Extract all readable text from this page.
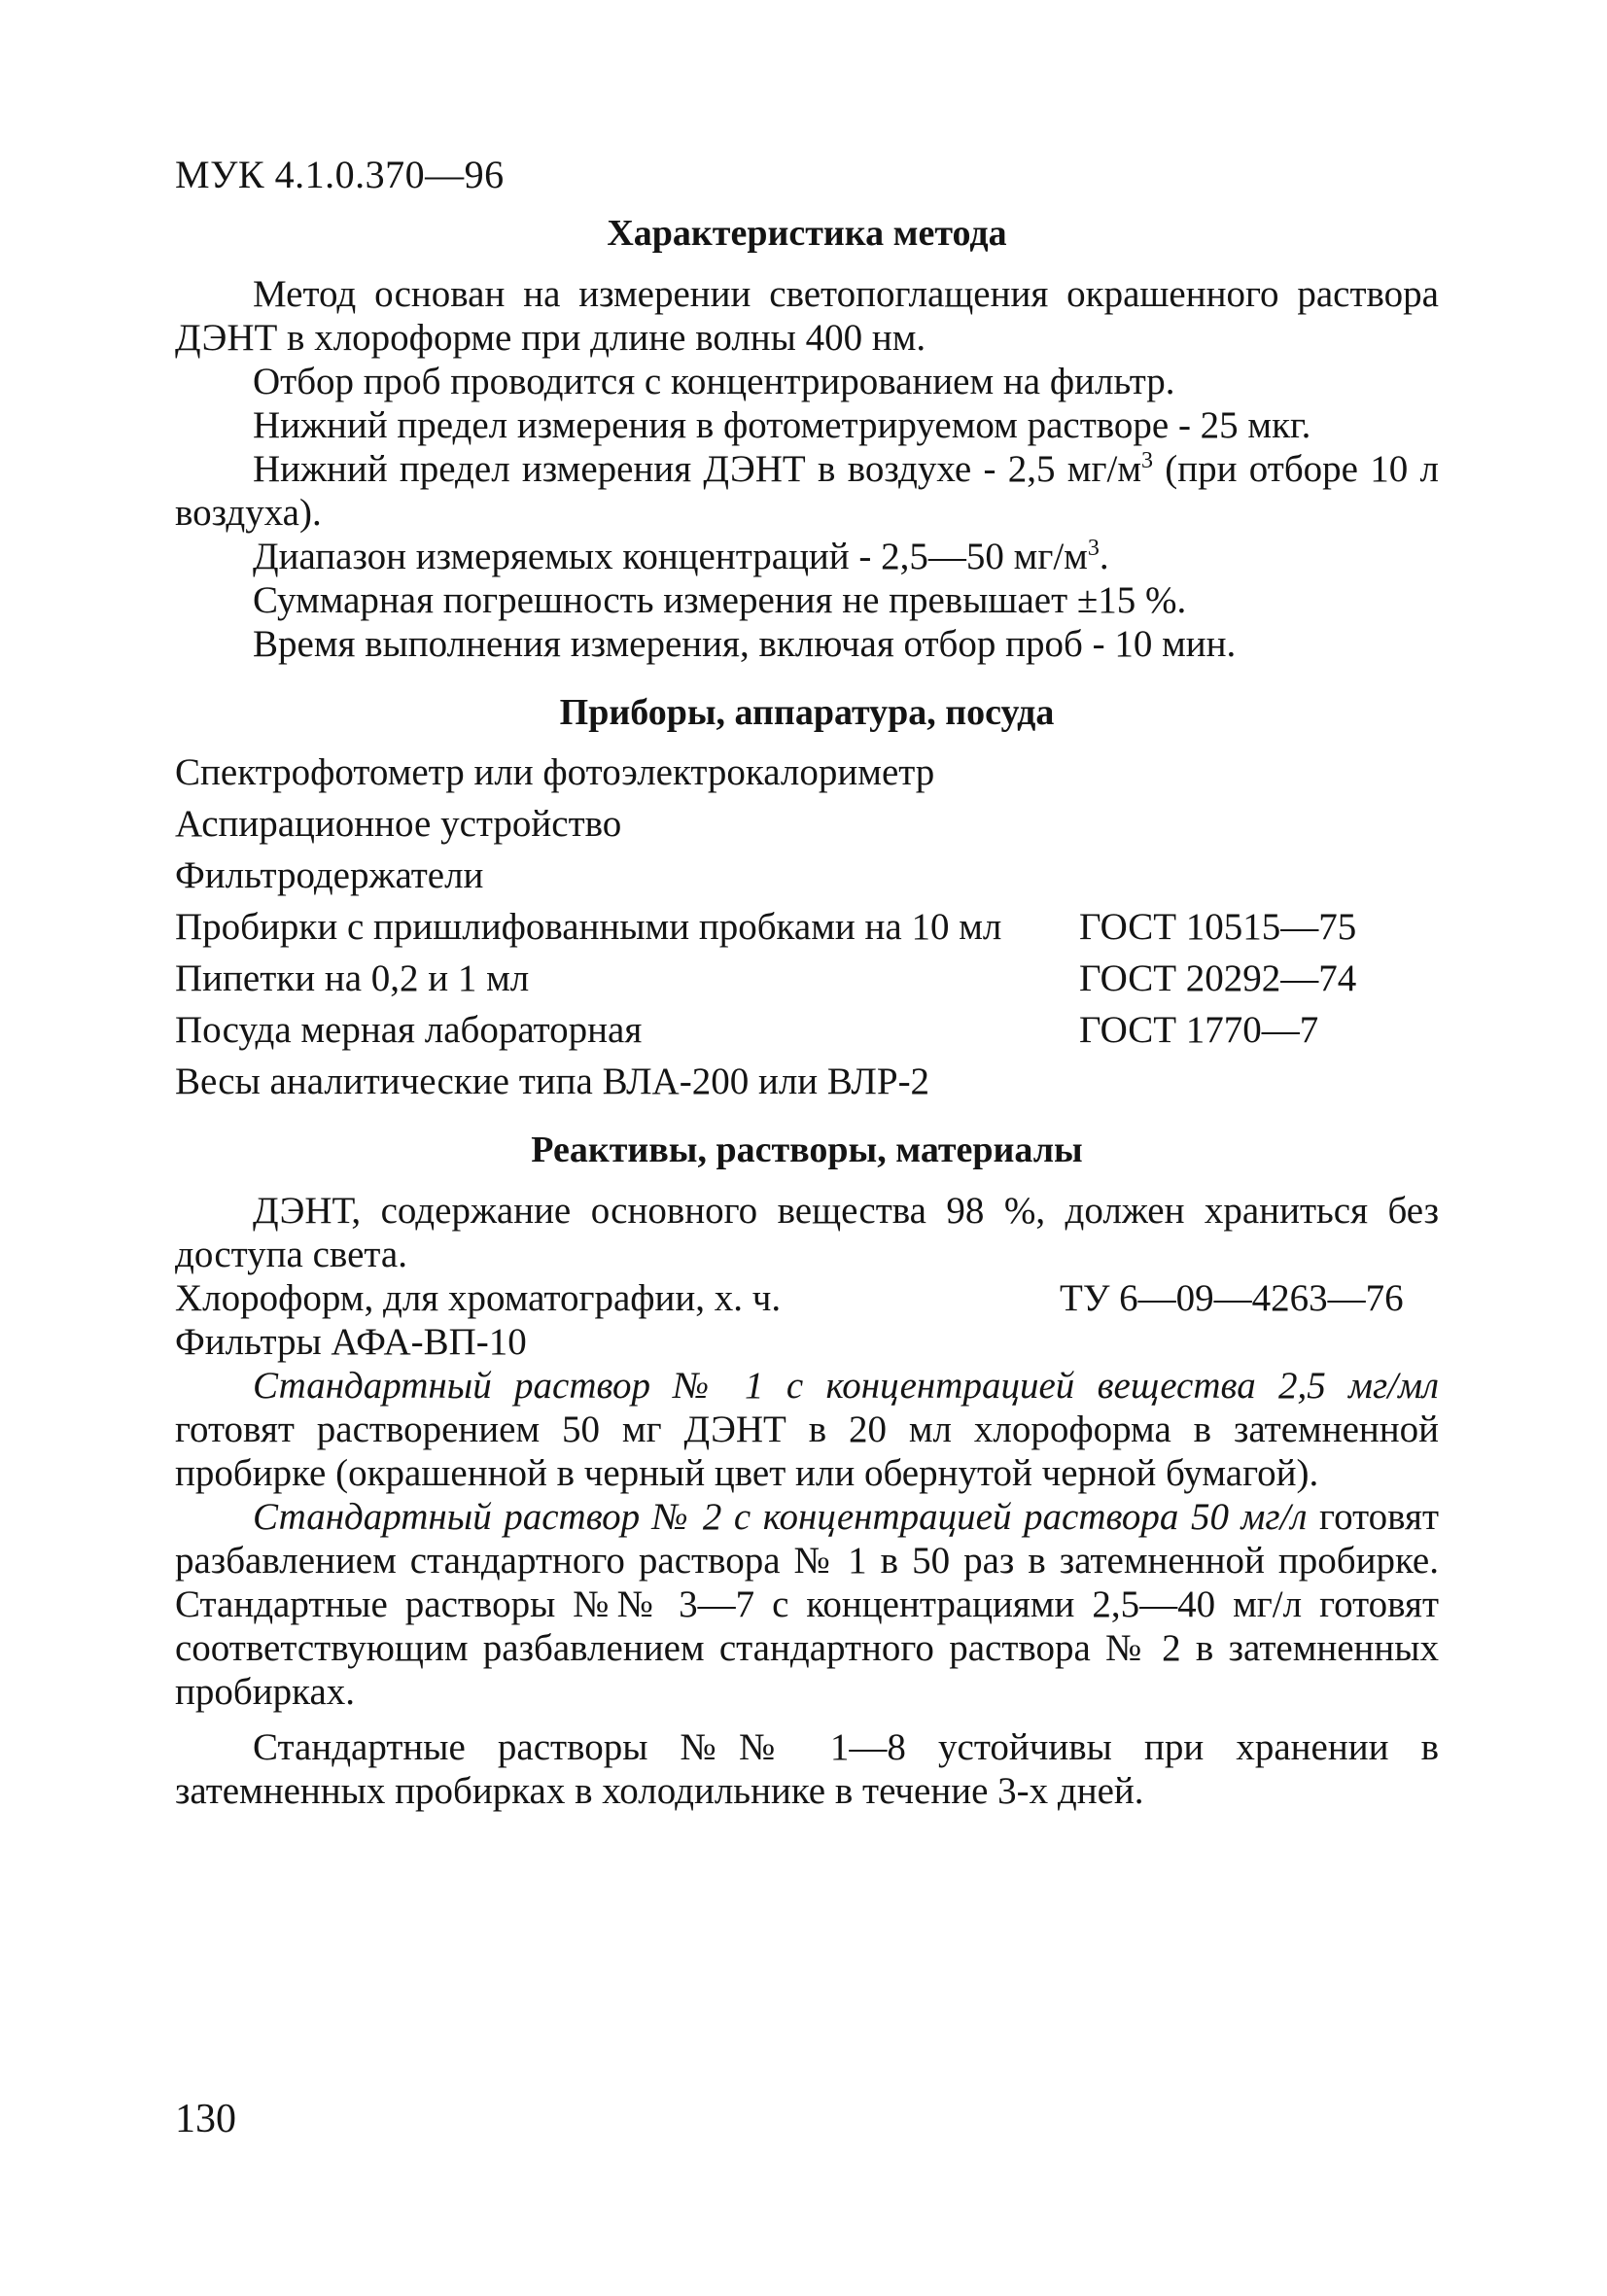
МУК 4.1.0.370—96
Характеристика метода

Метод основан на измерении светопоглащения окрашенного раствора ДЭНТ в хлороформе при длине волны 400 нм.

Отбор проб проводится с концентрированием на фильтр.

Нижний предел измерения в фотометрируемом растворе - 25 мкг.

Нижний предел измерения ДЭНТ в воздухе - 2,5 $мг/м^3$ (при отборе 10 л воздуха).

Диапазон измеряемых концентраций - 2,5—50 $мг/м^3$.

Суммарная погрешность измерения не превышает ±15 %.

Время выполнения измерения, включая отбор проб - 10 мин.

Приборы, аппаратура, посуда
Спектрофотометр или фотоэлектрокалориметр
Аспирационное устройство
Фильтродержатели
Пробирки с пришлифованными пробками на 10 мл	ГОСТ 10515—75
Пипетки на 0,2 и 1 мл	ГОСТ 20292—74
Посуда мерная лабораторная	ГОСТ 1770—7
Весы аналитические типа ВЛА-200 или ВЛР-2
Реактивы, растворы, материалы

ДЭНТ, содержание основного вещества 98 %, должен храниться без доступа света.

Хлороформ, для хроматографии, х. ч.	ТУ 6—09—4263—76

Фильтры АФА-ВП-10

Стандартный раствор № 1 с концентрацией вещества 2,5 мг/мл готовят растворением 50 мг ДЭНТ в 20 мл хлороформа в затемненной пробирке (окрашенной в черный цвет или обернутой черной бумагой).

Стандартный раствор № 2 с концентрацией раствора 50 мг/л готовят разбавлением стандартного раствора № 1 в 50 раз в затемненной пробирке. Стандартные растворы №№ 3—7 с концентрациями 2,5—40 мг/л готовят соответствующим разбавлением стандартного раствора № 2 в затемненных пробирках.

Стандартные растворы №№ 1—8 устойчивы при хранении в затемненных пробирках в холодильнике в течение 3-х дней.

130
